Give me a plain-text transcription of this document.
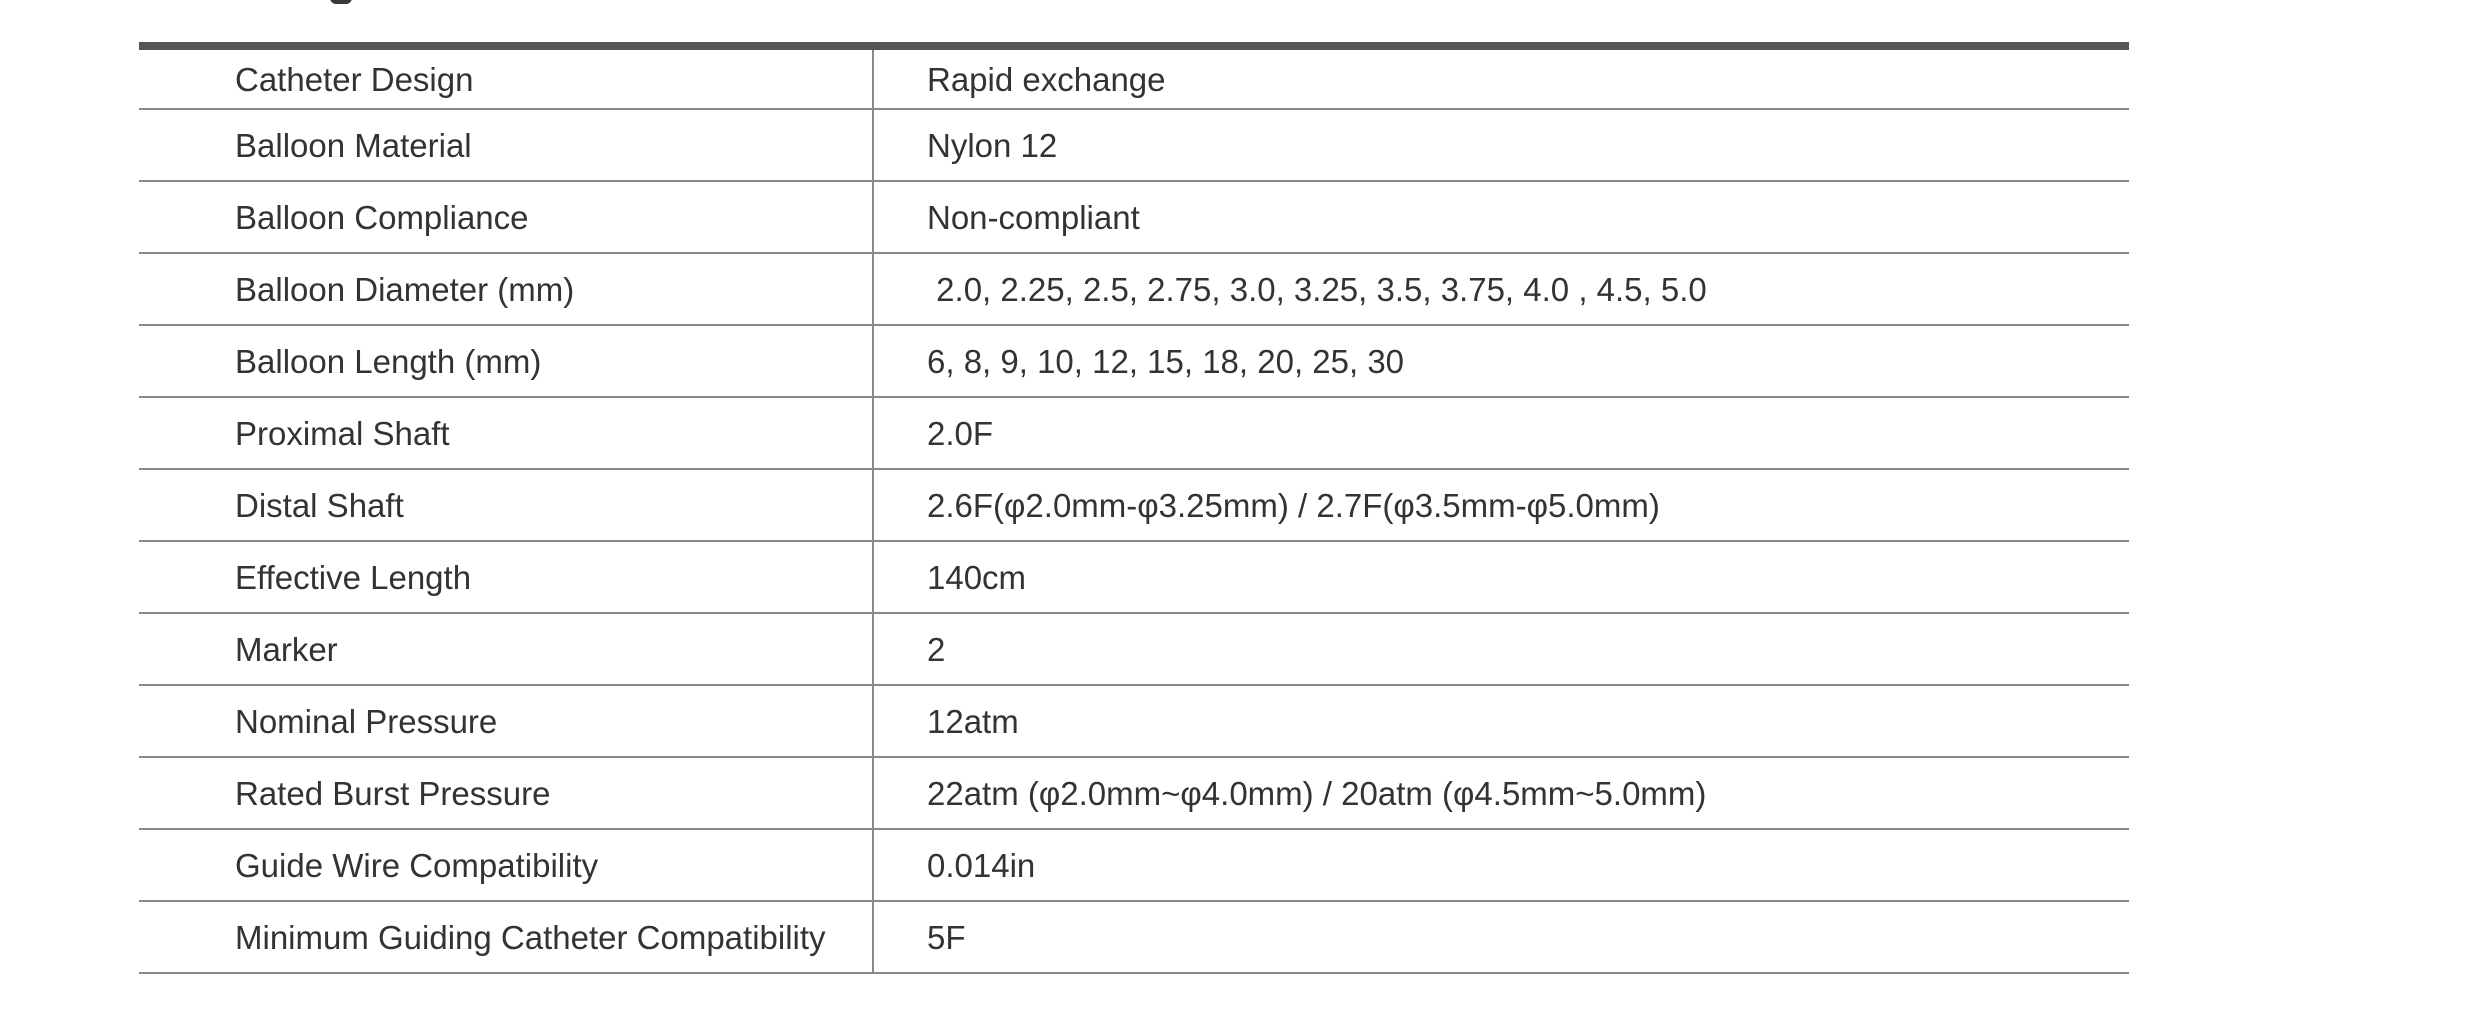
Catheter Design	Rapid exchange
Balloon Material	Nylon 12
Balloon Compliance	Non-compliant
Balloon Diameter (mm)	2.0, 2.25, 2.5, 2.75, 3.0, 3.25, 3.5, 3.75, 4.0 , 4.5, 5.0
Balloon Length (mm)	6, 8, 9, 10, 12, 15, 18, 20, 25, 30
Proximal Shaft	2.0F
Distal Shaft	2.6F(φ2.0mm-φ3.25mm) / 2.7F(φ3.5mm-φ5.0mm)
Effective Length	140cm
Marker	2
Nominal Pressure	12atm
Rated Burst Pressure	22atm (φ2.0mm~φ4.0mm) / 20atm (φ4.5mm~5.0mm)
Guide Wire Compatibility	0.014in
Minimum Guiding Catheter Compatibility	5F
